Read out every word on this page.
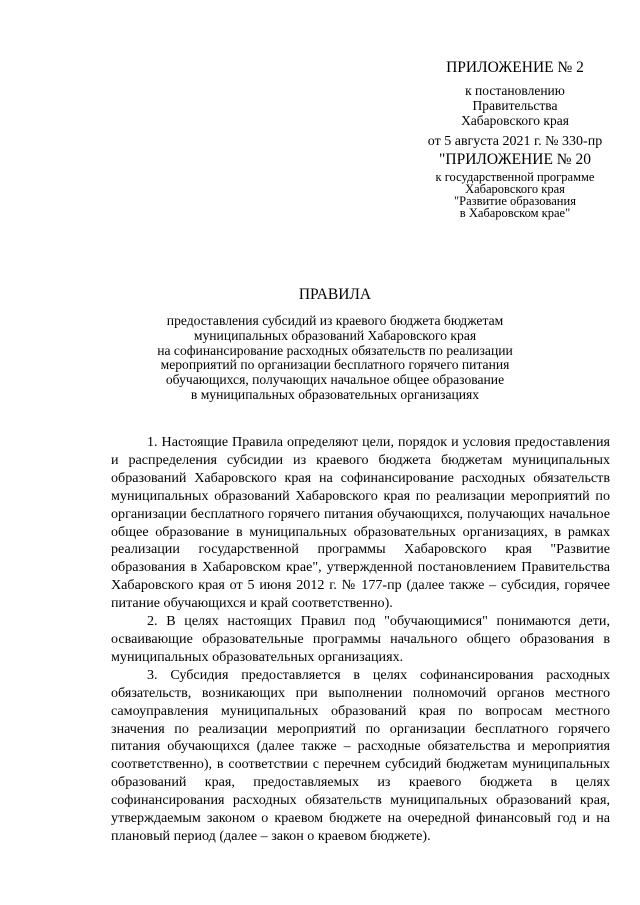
ПРИЛОЖЕНИЕ № 2
к постановлению
Правительства
Хабаровского края
от 5 августа 2021 г. № 330-пр
"ПРИЛОЖЕНИЕ № 20
к государственной программе
Хабаровского края
"Развитие образования
в Хабаровском крае"
ПРАВИЛА
предоставления субсидий из краевого бюджета бюджетам
муниципальных образований Хабаровского края
на софинансирование расходных обязательств по реализации
мероприятий по организации бесплатного горячего питания
обучающихся, получающих начальное общее образование
в муниципальных образовательных организациях

1. Настоящие Правила определяют цели, порядок и условия предоставления и распределения субсидии из краевого бюджета бюджетам муниципальных образований Хабаровского края на софинансирование расходных обязательств муниципальных образований Хабаровского края по реализации мероприятий по организации бесплатного горячего питания обучающихся, получающих начальное общее образование в муниципальных образовательных организациях, в рамках реализации государственной программы Хабаровского края "Развитие образования в Хабаровском крае", утвержденной постановлением Правительства Хабаровского края от 5 июня 2012 г. № 177-пр (далее также – субсидия, горячее питание обучающихся и край соответственно).

2. В целях настоящих Правил под "обучающимися" понимаются дети, осваивающие образовательные программы начального общего образования в муниципальных образовательных организациях.

3. Субсидия предоставляется в целях софинансирования расходных обязательств, возникающих при выполнении полномочий органов местного самоуправления муниципальных образований края по вопросам местного значения по реализации мероприятий по организации бесплатного горячего питания обучающихся (далее также – расходные обязательства и мероприятия соответственно), в соответствии с перечнем субсидий бюджетам муниципальных образований края, предоставляемых из краевого бюджета в целях софинансирования расходных обязательств муниципальных образований края, утверждаемым законом о краевом бюджете на очередной финансовый год и на плановый период (далее – закон о краевом бюджете).
